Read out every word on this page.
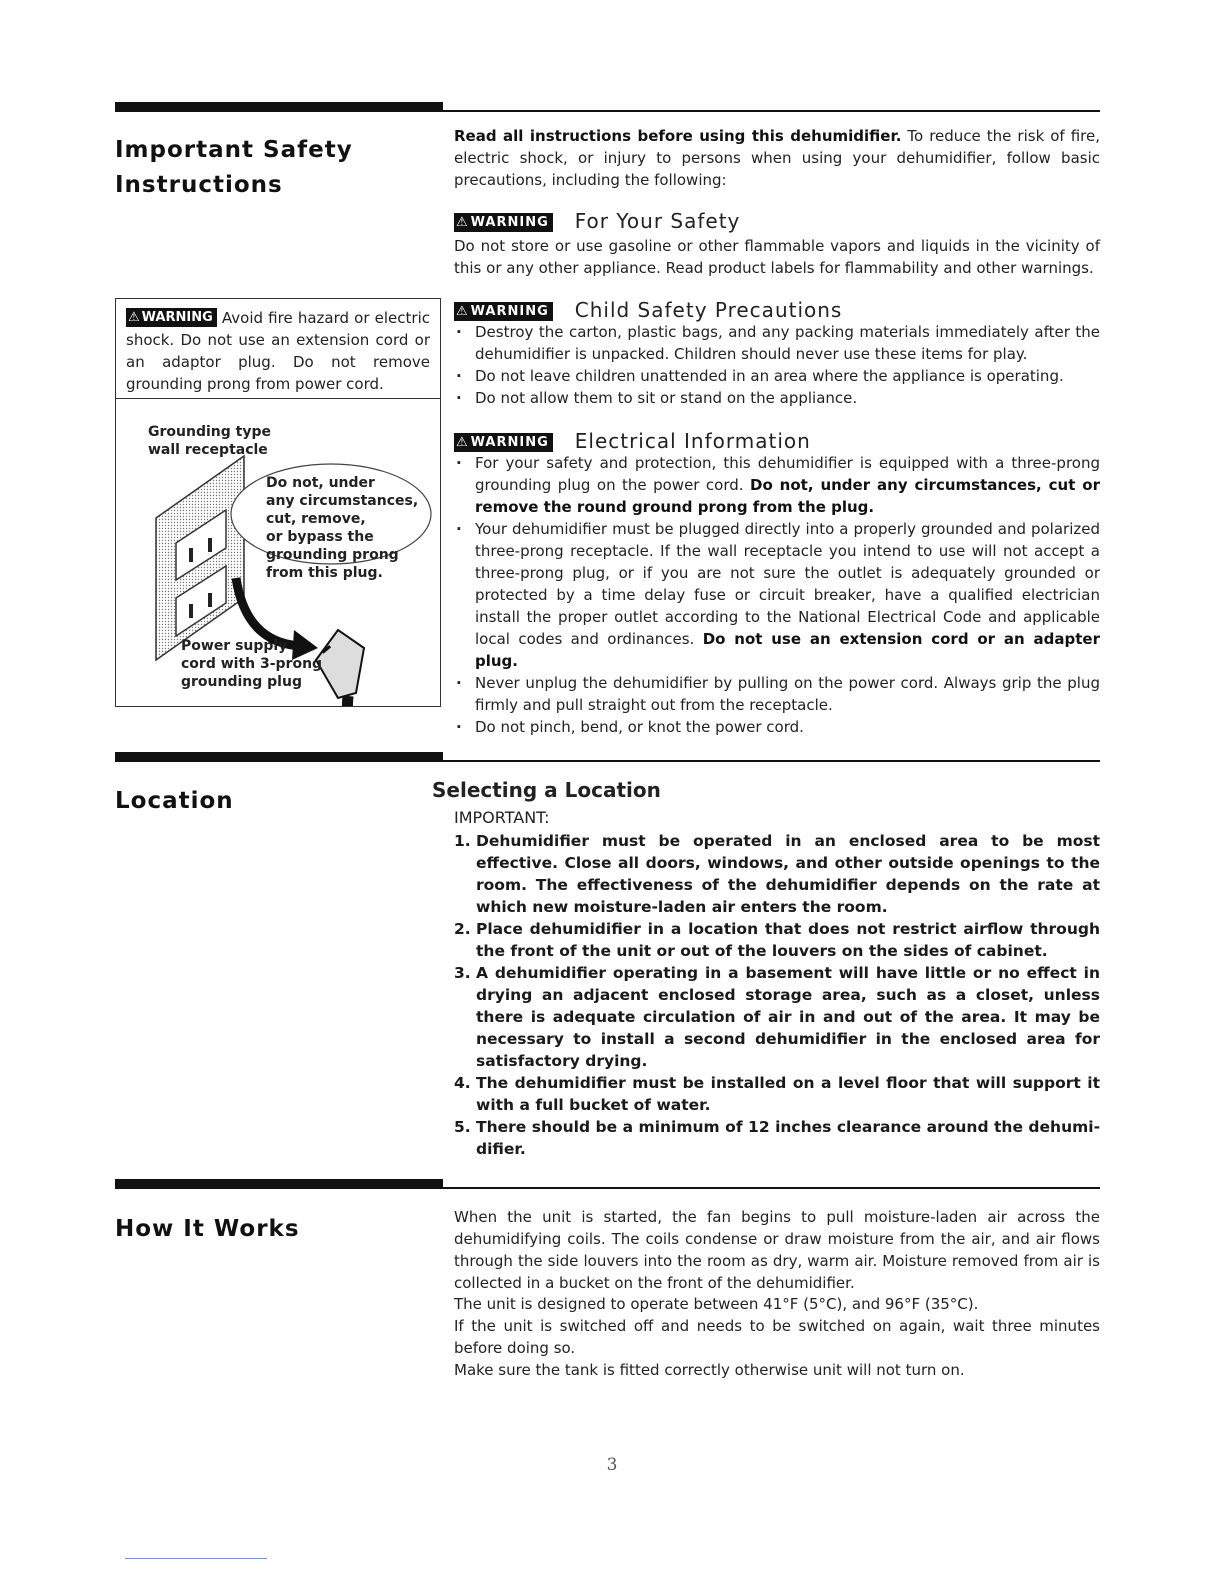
Important Safety
Instructions

Read all instructions before using this dehumidifier. To reduce the risk of fire, electric shock, or injury to persons when using your dehumidifier, follow basic precautions, including the following:

⚠ WARNING For Your Safety

Do not store or use gasoline or other flammable vapors and liquids in the vicinity of this or any other appliance. Read product labels for flammability and other warnings.

⚠ WARNING Avoid fire hazard or electric shock. Do not use an extension cord or an adaptor plug. Do not remove grounding prong from power cord.
Grounding type
wall receptacle
Do not, under
any circumstances,
cut, remove,
or bypass the
grounding prong
from this plug.
Power supply
cord with 3-prong
grounding plug
⚠ WARNING Child Safety Precautions
· Destroy the carton, plastic bags, and any packing materials immediately after the dehumidifier is unpacked. Children should never use these items for play.
· Do not leave children unattended in an area where the appliance is operating.
· Do not allow them to sit or stand on the appliance.
⚠ WARNING Electrical Information
· For your safety and protection, this dehumidifier is equipped with a three-prong grounding plug on the power cord. Do not, under any circumstances, cut or remove the round ground prong from the plug.
· Your dehumidifier must be plugged directly into a properly grounded and polarized three-prong receptacle. If the wall receptacle you intend to use will not accept a three-prong plug, or if you are not sure the outlet is adequately grounded or protected by a time delay fuse or circuit breaker, have a qualified electrician install the proper outlet according to the National Electrical Code and applicable local codes and ordinances. Do not use an extension cord or an adapter plug.
· Never unplug the dehumidifier by pulling on the power cord. Always grip the plug firmly and pull straight out from the receptacle.
· Do not pinch, bend, or knot the power cord.
Location	Selecting a Location
IMPORTANT:
1. Dehumidifier must be operated in an enclosed area to be most effective. Close all doors, windows, and other outside openings to the room. The effectiveness of the dehumidifier depends on the rate at which new moisture-laden air enters the room.
2. Place dehumidifier in a location that does not restrict airflow through the front of the unit or out of the louvers on the sides of cabinet.
3. A dehumidifier operating in a basement will have little or no effect in drying an adjacent enclosed storage area, such as a closet, unless there is adequate circulation of air in and out of the area. It may be necessary to install a second dehumidifier in the enclosed area for satisfactory drying.
4. The dehumidifier must be installed on a level floor that will support it with a full bucket of water.
5. There should be a minimum of 12 inches clearance around the dehumi-difier.
How It Works	When the unit is started, the fan begins to pull moisture-laden air across the dehumidifying coils. The coils condense or draw moisture from the air, and air flows through the side louvers into the room as dry, warm air. Moisture removed from air is collected in a bucket on the front of the dehumidifier.

The unit is designed to operate between 41°F (5°C), and 96°F (35°C).

If the unit is switched off and needs to be switched on again, wait three minutes before doing so.

Make sure the tank is fitted correctly otherwise unit will not turn on.

3
